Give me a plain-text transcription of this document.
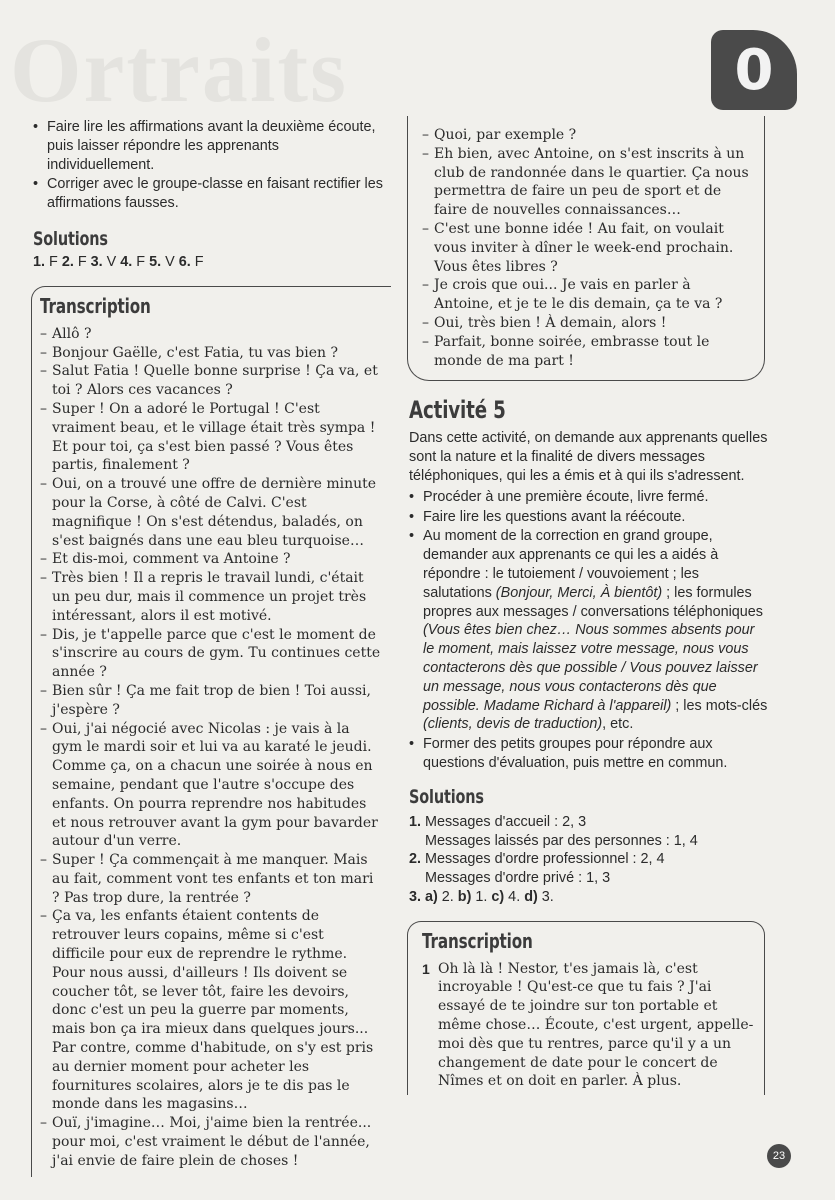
Ortraits	0
• Faire lire les affirmations avant la deuxième écoute, puis laisser répondre les apprenants individuellement.
• Corriger avec le groupe-classe en faisant rectifier les affirmations fausses.
Solutions
1. F 2. F 3. V 4. F 5. V 6. F
Transcription
– Allô ?
– Bonjour Gaëlle, c'est Fatia, tu vas bien ?
– Salut Fatia ! Quelle bonne surprise ! Ça va, et toi ? Alors ces vacances ?
– Super ! On a adoré le Portugal ! C'est vraiment beau, et le village était très sympa ! Et pour toi, ça s'est bien passé ? Vous êtes partis, finalement ?
– Oui, on a trouvé une offre de dernière minute pour la Corse, à côté de Calvi. C'est magnifique ! On s'est détendus, baladés, on s'est baignés dans une eau bleu turquoise…
– Et dis-moi, comment va Antoine ?
– Très bien ! Il a repris le travail lundi, c'était un peu dur, mais il commence un projet très intéressant, alors il est motivé.
– Dis, je t'appelle parce que c'est le moment de s'inscrire au cours de gym. Tu continues cette année ?
– Bien sûr ! Ça me fait trop de bien ! Toi aussi, j'espère ?
– Oui, j'ai négocié avec Nicolas : je vais à la gym le mardi soir et lui va au karaté le jeudi. Comme ça, on a chacun une soirée à nous en semaine, pendant que l'autre s'occupe des enfants. On pourra reprendre nos habitudes et nous retrouver avant la gym pour bavarder autour d'un verre.
– Super ! Ça commençait à me manquer. Mais au fait, comment vont tes enfants et ton mari ? Pas trop dure, la rentrée ?
– Ça va, les enfants étaient contents de retrouver leurs copains, même si c'est difficile pour eux de reprendre le rythme. Pour nous aussi, d'ailleurs ! Ils doivent se coucher tôt, se lever tôt, faire les devoirs, donc c'est un peu la guerre par moments, mais bon ça ira mieux dans quelques jours... Par contre, comme d'habitude, on s'y est pris au dernier moment pour acheter les fournitures scolaires, alors je te dis pas le monde dans les magasins…
– Ouï, j'imagine… Moi, j'aime bien la rentrée... pour moi, c'est vraiment le début de l'année, j'ai envie de faire plein de choses !
– Quoi, par exemple ?
– Eh bien, avec Antoine, on s'est inscrits à un club de randonnée dans le quartier. Ça nous permettra de faire un peu de sport et de faire de nouvelles connaissances…
– C'est une bonne idée ! Au fait, on voulait vous inviter à dîner le week-end prochain. Vous êtes libres ?
– Je crois que oui... Je vais en parler à Antoine, et je te le dis demain, ça te va ?
– Oui, très bien ! À demain, alors !
– Parfait, bonne soirée, embrasse tout le monde de ma part !
Activité 5
Dans cette activité, on demande aux apprenants quelles sont la nature et la finalité de divers messages téléphoniques, qui les a émis et à qui ils s'adressent.
• Procéder à une première écoute, livre fermé.
• Faire lire les questions avant la réécoute.
• Au moment de la correction en grand groupe, demander aux apprenants ce qui les a aidés à répondre : le tutoiement / vouvoiement ; les salutations (Bonjour, Merci, À bientôt) ; les formules propres aux messages / conversations téléphoniques (Vous êtes bien chez… Nous sommes absents pour le moment, mais laissez votre message, nous vous contacterons dès que possible / Vous pouvez laisser un message, nous vous contacterons dès que possible. Madame Richard à l'appareil) ; les mots-clés (clients, devis de traduction), etc.
• Former des petits groupes pour répondre aux questions d'évaluation, puis mettre en commun.
Solutions
1. Messages d'accueil : 2, 3
Messages laissés par des personnes : 1, 4
2. Messages d'ordre professionnel : 2, 4
Messages d'ordre privé : 1, 3
3. a) 2. b) 1. c) 4. d) 3.
Transcription
1 Oh là là ! Nestor, t'es jamais là, c'est incroyable ! Qu'est-ce que tu fais ? J'ai essayé de te joindre sur ton portable et même chose… Écoute, c'est urgent, appelle-moi dès que tu rentres, parce qu'il y a un changement de date pour le concert de Nîmes et on doit en parler. À plus.
23
